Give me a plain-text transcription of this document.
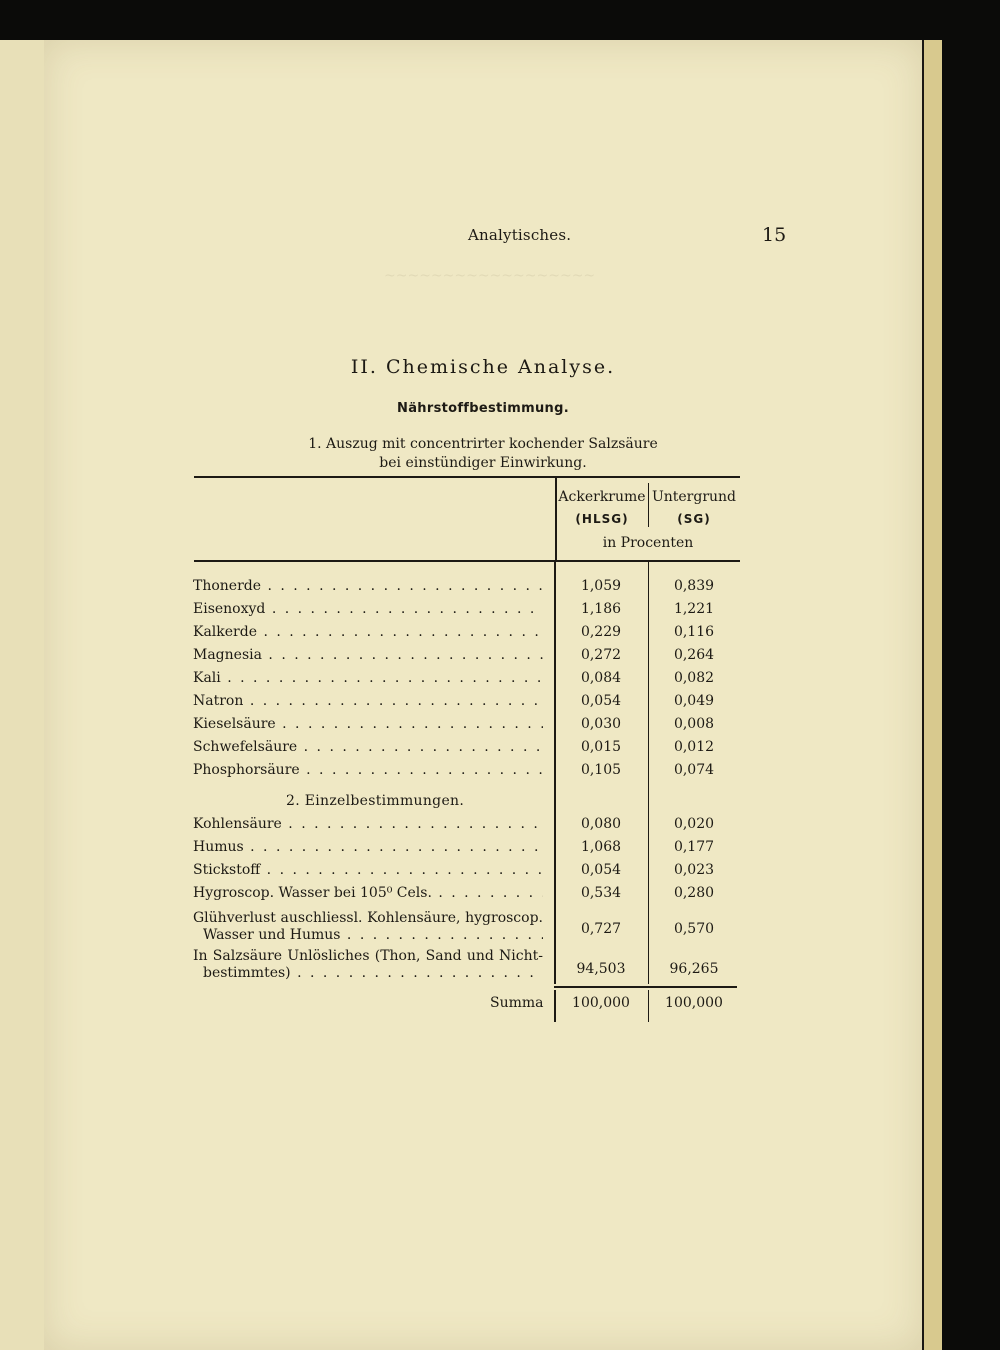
Analytisches.	15
~~~~~~~~~~~~~~~~~~
II. Chemische Analyse.
Nährstoffbestimmung.
1. Auszug mit concentrirter kochender Salzsäure
bei einstündiger Einwirkung.
Ackerkrume
(HLSG)
Untergrund
(SG)
in Procenten
Thonerde . . .	1,059	0,839
Eisenoxyd . . .	1,186	1,221
Kalkerde . . .	0,229	0,116
Magnesia . . .	0,272	0,264
Kali . . .	0,084	0,082
Natron . . .	0,054	0,049
Kieselsäure . . .	0,030	0,008
Schwefelsäure . . .	0,015	0,012
Phosphorsäure . . .	0,105	0,074
2. Einzelbestimmungen.
Kohlensäure . . .	0,080	0,020
Humus . . .	1,068	0,177
Stickstoff . . .	0,054	0,023
Hygroscop. Wasser bei 105⁰ Cels. . . .	0,534	0,280
Glühverlust auschliessl. Kohlensäure, hygroscop.
Wasser und Humus . . .	0,727	0,570
In Salzsäure Unlösliches (Thon, Sand und Nicht-
bestimmtes) . . .	94,503	96,265
Summa	100,000	100,000
